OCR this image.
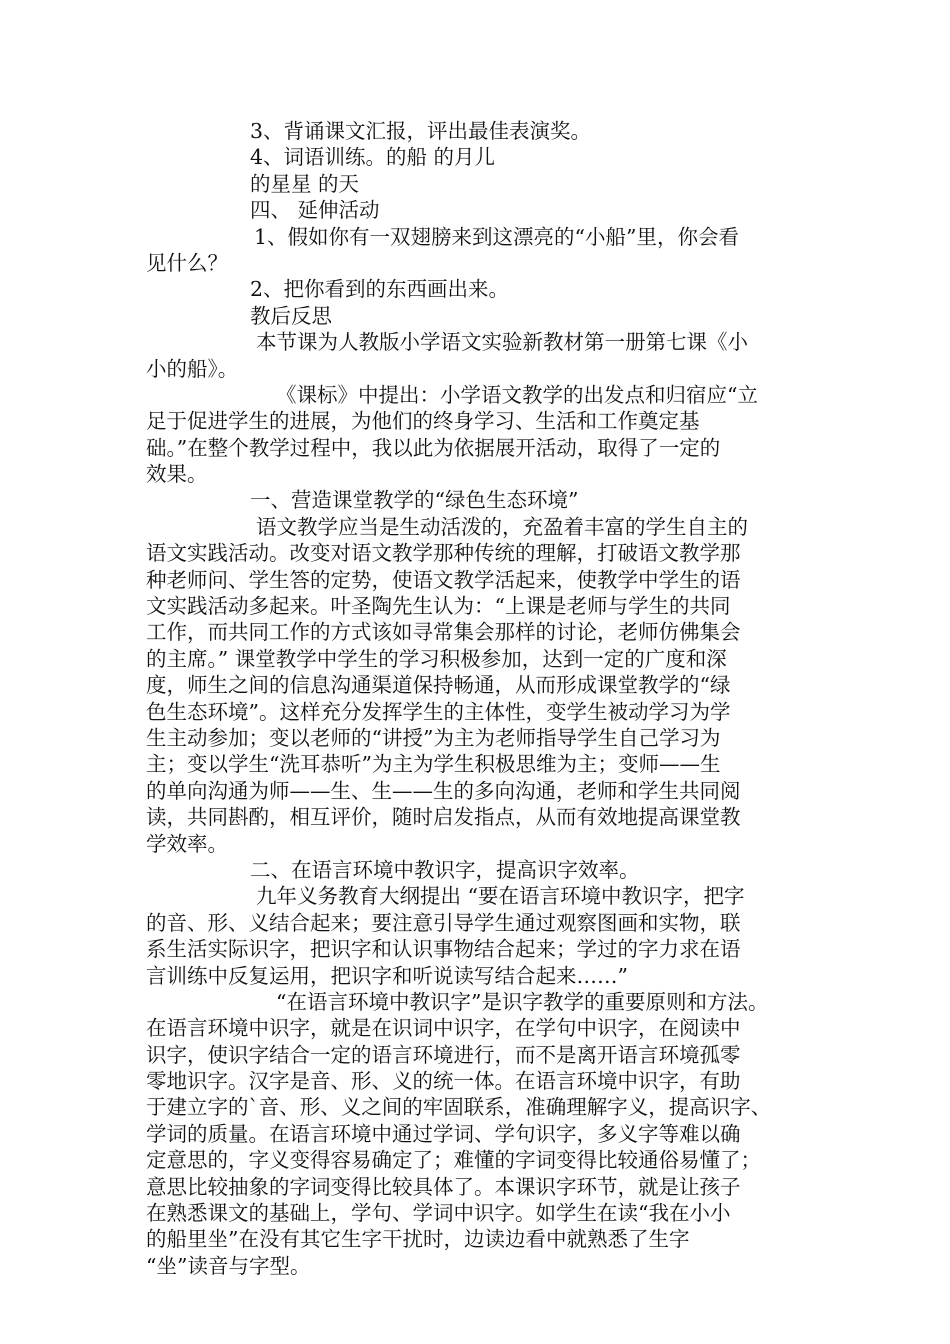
3、背诵课文汇报，评出最佳表演奖。
4、词语训练。的船 的月儿
的星星 的天
四、 延伸活动
1、假如你有一双翅膀来到这漂亮的“小船”里，你会看
见什么？
2、把你看到的东西画出来。
教后反思
本节课为人教版小学语文实验新教材第一册第七课《小
小的船》。
《课标》中提出：小学语文教学的出发点和归宿应“立
足于促进学生的进展，为他们的终身学习、生活和工作奠定基
础。”在整个教学过程中，我以此为依据展开活动，取得了一定的
效果。
一、营造课堂教学的“绿色生态环境”
语文教学应当是生动活泼的，充盈着丰富的学生自主的
语文实践活动。改变对语文教学那种传统的理解，打破语文教学那
种老师问、学生答的定势，使语文教学活起来，使教学中学生的语
文实践活动多起来。叶圣陶先生认为：“上课是老师与学生的共同
工作，而共同工作的方式该如寻常集会那样的讨论，老师仿佛集会
的主席。” 课堂教学中学生的学习积极参加，达到一定的广度和深
度，师生之间的信息沟通渠道保持畅通，从而形成课堂教学的“绿
色生态环境”。这样充分发挥学生的主体性，变学生被动学习为学
生主动参加；变以老师的“讲授”为主为老师指导学生自己学习为
主；变以学生“洗耳恭听”为主为学生积极思维为主；变师——生
的单向沟通为师——生、生——生的多向沟通，老师和学生共同阅
读，共同斟酌，相互评价，随时启发指点，从而有效地提高课堂教
学效率。
二、在语言环境中教识字，提高识字效率。
九年义务教育大纲提出 “要在语言环境中教识字，把字
的音、形、义结合起来；要注意引导学生通过观察图画和实物，联
系生活实际识字，把识字和认识事物结合起来；学过的字力求在语
言训练中反复运用，把识字和听说读写结合起来……”
“在语言环境中教识字”是识字教学的重要原则和方法。
在语言环境中识字，就是在识词中识字，在学句中识字，在阅读中
识字，使识字结合一定的语言环境进行，而不是离开语言环境孤零
零地识字。汉字是音、形、义的统一体。在语言环境中识字，有助
于建立字的`音、形、义之间的牢固联系，准确理解字义，提高识字、
学词的质量。在语言环境中通过学词、学句识字，多义字等难以确
定意思的，字义变得容易确定了；难懂的字词变得比较通俗易懂了；
意思比较抽象的字词变得比较具体了。本课识字环节，就是让孩子
在熟悉课文的基础上，学句、学词中识字。如学生在读“我在小小
的船里坐”在没有其它生字干扰时，边读边看中就熟悉了生字
“坐”读音与字型。
